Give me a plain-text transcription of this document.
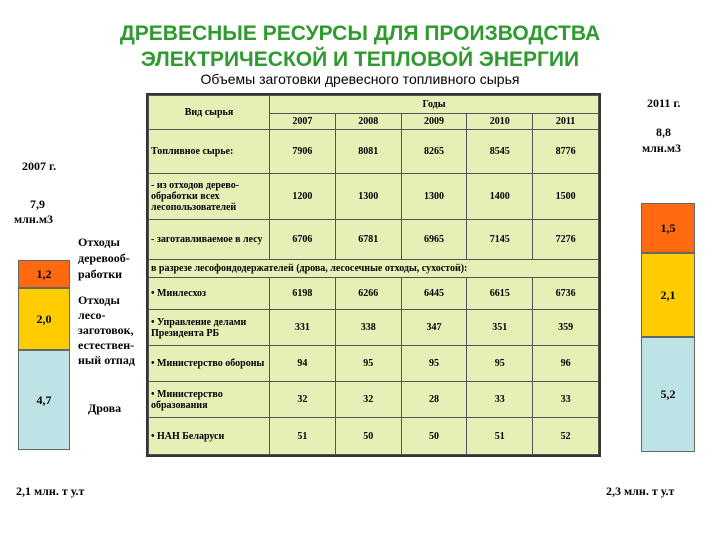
ДРЕВЕСНЫЕ РЕСУРСЫ ДЛЯ ПРОИЗВОДСТВА
ЭЛЕКТРИЧЕСКОЙ И ТЕПЛОВОЙ ЭНЕРГИИ
Объемы заготовки древесного топливного сырья
2007 г.
7,9
млн.м3
1,2
2,0
4,7
Отходы
деревооб-
работки
Отходы
лесо-
заготовок,
естествен-
ный отпад
Дрова
2,1 млн. т у.т
2011 г.
8,8
млн.м3
1,5
2,1
5,2
2,3 млн. т у.т
Вид сырья	Годы				
	2007	2008	2009	2010	2011
Топливное сырье:	7906	8081	8265	8545	8776
- из отходов дерево-обработки всех лесопользователей	1200	1300	1300	1400	1500
- заготавливаемое в лесу	6706	6781	6965	7145	7276
в разрезе лесофондодержателей (дрова, лесосечные отходы, сухостой):					
• Минлесхоз	6198	6266	6445	6615	6736
• Управление делами Президента РБ	331	338	347	351	359
• Министерство обороны	94	95	95	95	96
• Министерство образования	32	32	28	33	33
• НАН Беларуси	51	50	50	51	52
